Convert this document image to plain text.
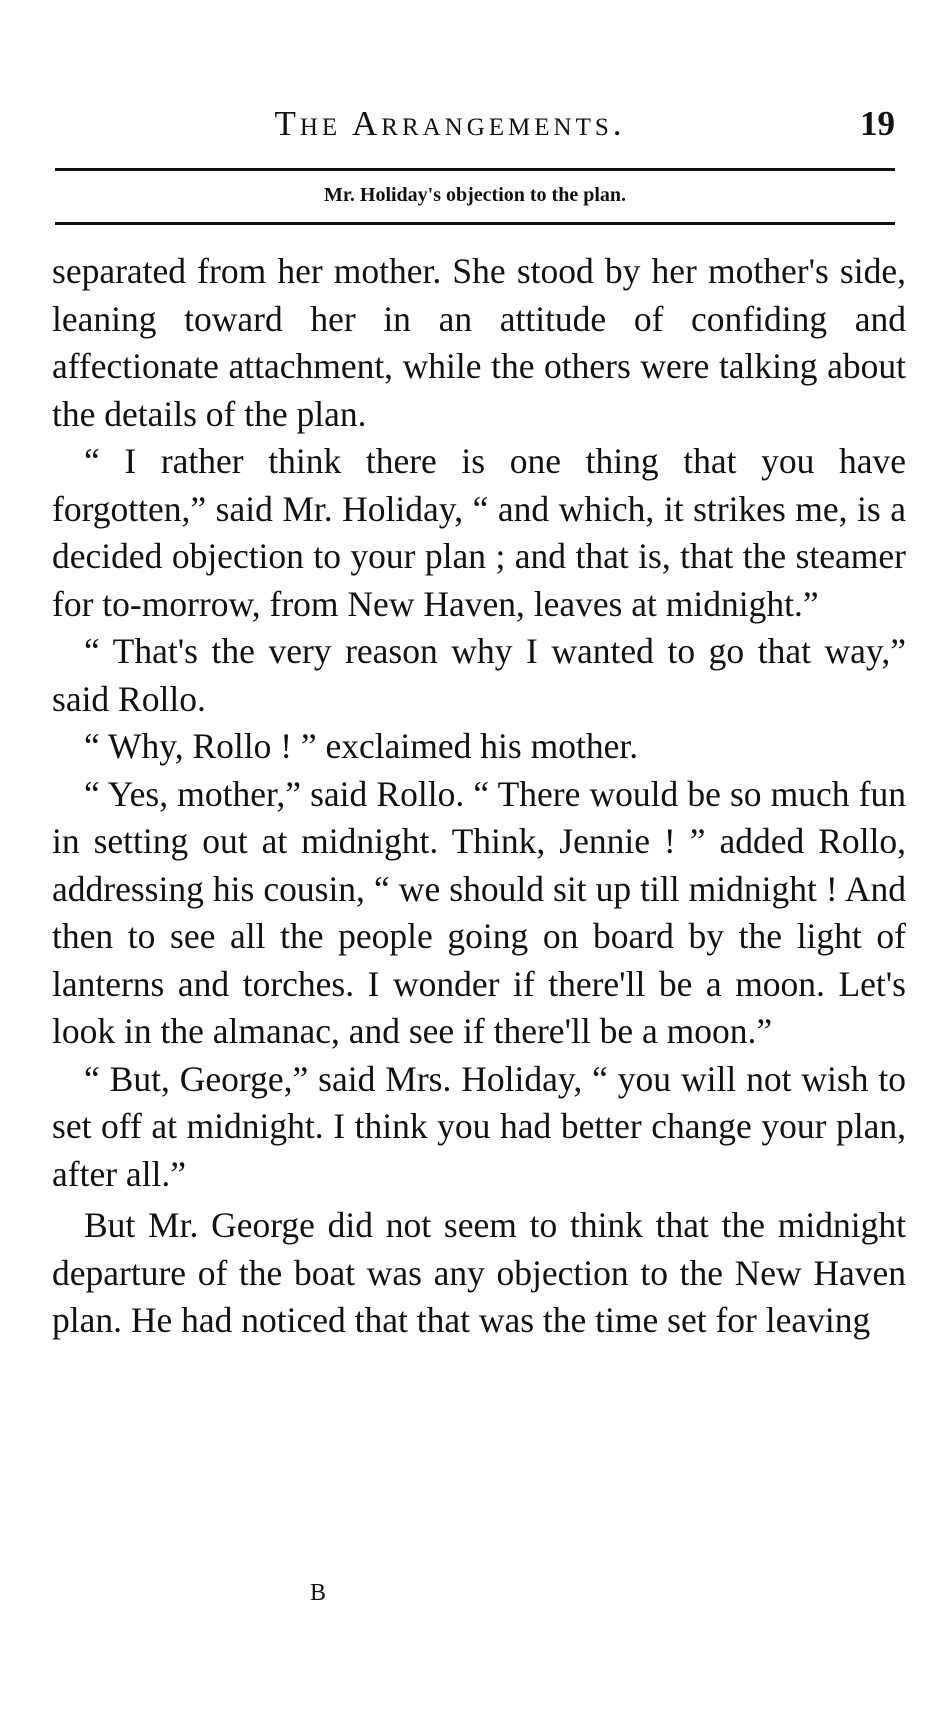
The Arrangements.	19
Mr. Holiday's objection to the plan.

separated from her mother. She stood by her mother's side, leaning toward her in an attitude of confiding and affectionate attachment, while the others were talking about the details of the plan.

“ I rather think there is one thing that you have forgotten,” said Mr. Holiday, “ and which, it strikes me, is a decided objection to your plan ; and that is, that the steamer for to-morrow, from New Haven, leaves at midnight.”

“ That's the very reason why I wanted to go that way,” said Rollo.

“ Why, Rollo ! ” exclaimed his mother.

“ Yes, mother,” said Rollo. “ There would be so much fun in setting out at midnight. Think, Jennie ! ” added Rollo, addressing his cousin, “ we should sit up till midnight ! And then to see all the people going on board by the light of lanterns and torches. I wonder if there'll be a moon. Let's look in the almanac, and see if there'll be a moon.”

“ But, George,” said Mrs. Holiday, “ you will not wish to set off at midnight. I think you had better change your plan, after all.”

But Mr. George did not seem to think that the midnight departure of the boat was any objection to the New Haven plan. He had noticed that that was the time set for leaving

B
